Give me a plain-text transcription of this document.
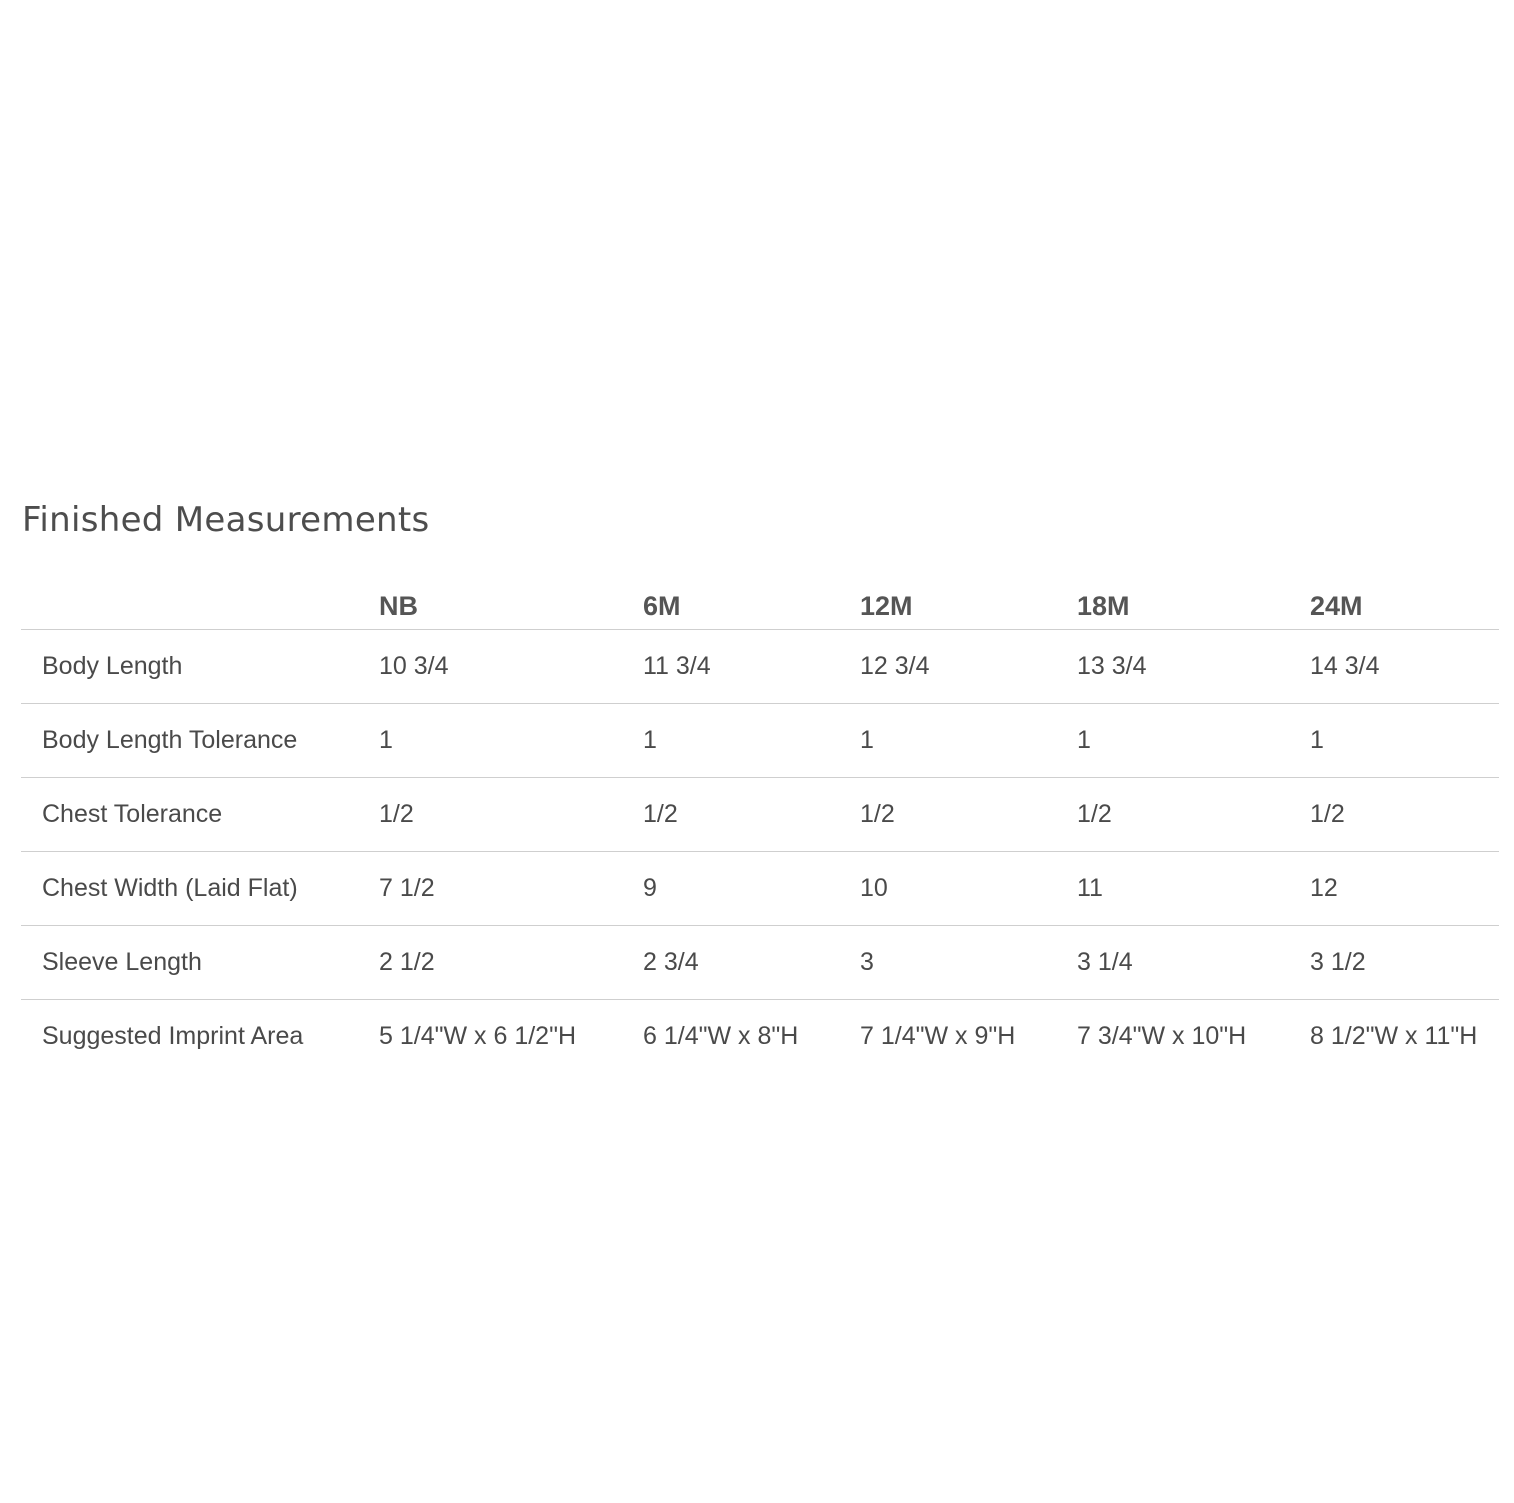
Finished Measurements
	NB	6M	12M	18M	24M
Body Length	10 3/4	11 3/4	12 3/4	13 3/4	14 3/4
Body Length Tolerance	1	1	1	1	1
Chest Tolerance	1/2	1/2	1/2	1/2	1/2
Chest Width (Laid Flat)	7 1/2	9	10	11	12
Sleeve Length	2 1/2	2 3/4	3	3 1/4	3 1/2
Suggested Imprint Area	5 1/4"W x 6 1/2"H	6 1/4"W x 8"H	7 1/4"W x 9"H	7 3/4"W x 10"H	8 1/2"W x 11"H
